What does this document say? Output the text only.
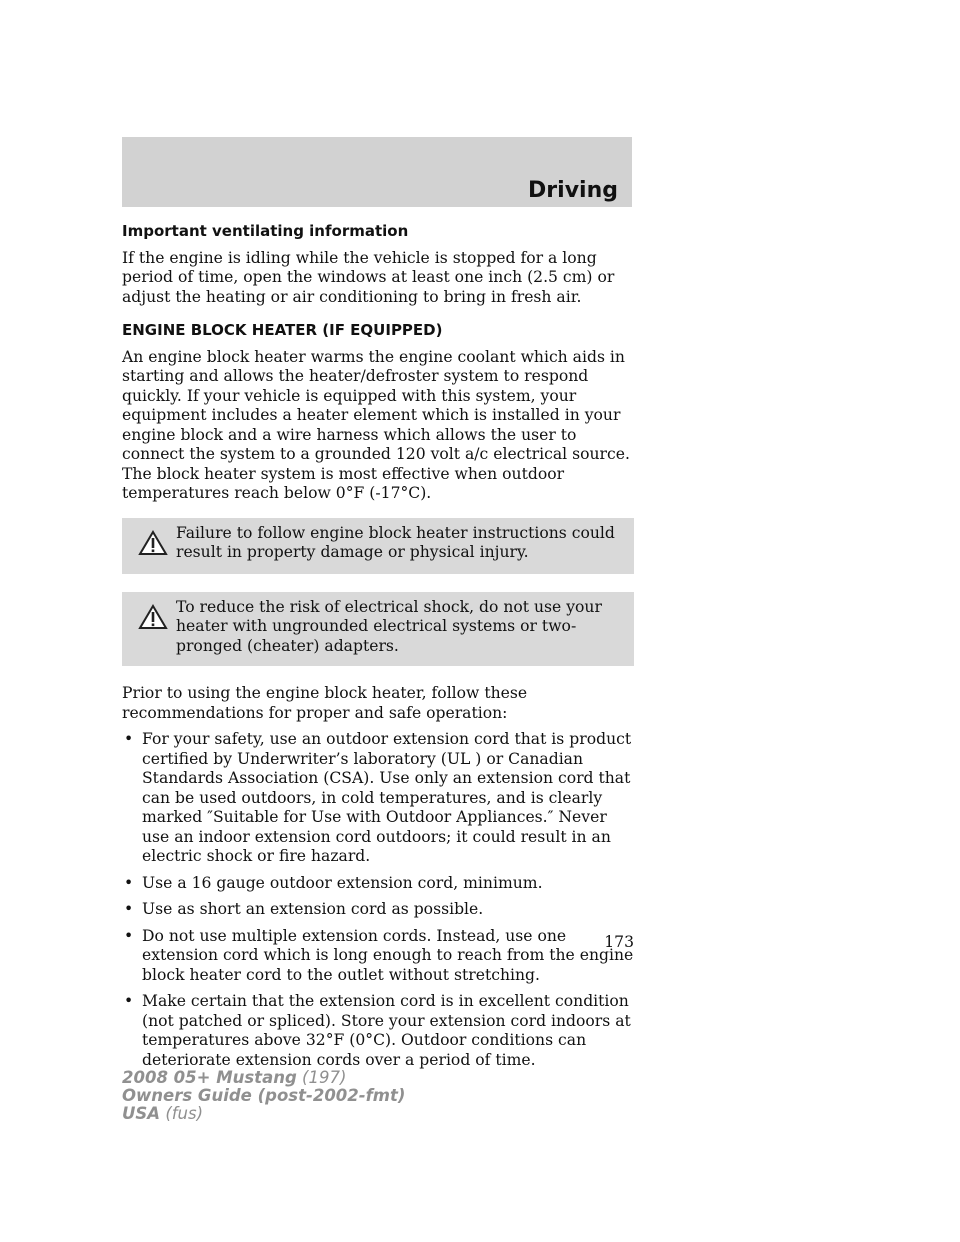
Driving
Important ventilating information

If the engine is idling while the vehicle is stopped for a long period of time, open the windows at least one inch (2.5 cm) or adjust the heating or air conditioning to bring in fresh air.

ENGINE BLOCK HEATER (IF EQUIPPED)

An engine block heater warms the engine coolant which aids in starting and allows the heater/defroster system to respond quickly. If your vehicle is equipped with this system, your equipment includes a heater element which is installed in your engine block and a wire harness which allows the user to connect the system to a grounded 120 volt a/c electrical source. The block heater system is most effective when outdoor temperatures reach below 0°F (-17°C).

Failure to follow engine block heater instructions could result in property damage or physical injury.
To reduce the risk of electrical shock, do not use your heater with ungrounded electrical systems or two-pronged (cheater) adapters.

Prior to using the engine block heater, follow these recommendations for proper and safe operation:

• For your safety, use an outdoor extension cord that is product certified by Underwriter’s laboratory (UL ) or Canadian Standards Association (CSA). Use only an extension cord that can be used outdoors, in cold temperatures, and is clearly marked ″Suitable for Use with Outdoor Appliances.″ Never use an indoor extension cord outdoors; it could result in an electric shock or fire hazard.
• Use a 16 gauge outdoor extension cord, minimum.
• Use as short an extension cord as possible.
• Do not use multiple extension cords. Instead, use one extension cord which is long enough to reach from the engine block heater cord to the outlet without stretching.
• Make certain that the extension cord is in excellent condition (not patched or spliced). Store your extension cord indoors at temperatures above 32°F (0°C). Outdoor conditions can deteriorate extension cords over a period of time.
173
2008 05+ Mustang (197)
Owners Guide (post-2002-fmt)
USA (fus)
